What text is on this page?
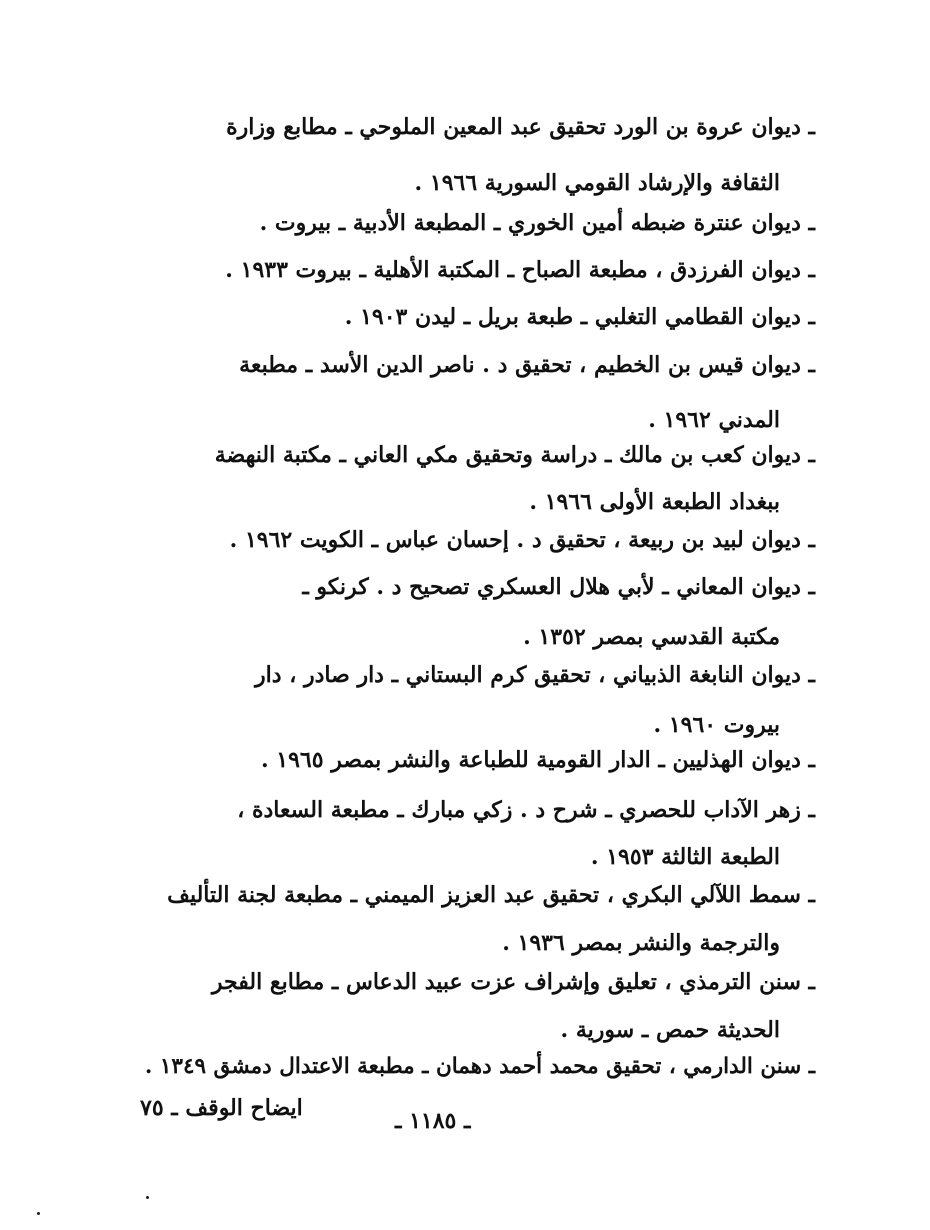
ـ ديوان عروة بن الورد تحقيق عبد المعين الملوحي ـ مطابع وزارة
الثقافة والإرشاد القومي السورية ١٩٦٦ .
ـ ديوان عنترة ضبطه أمين الخوري ـ المطبعة الأدبية ـ بيروت .
ـ ديوان الفرزدق ، مطبعة الصباح ـ المكتبة الأهلية ـ بيروت ١٩٣٣ .
ـ ديوان القطامي التغلبي ـ طبعة بريل ـ ليدن ١٩٠٣ .
ـ ديوان قيس بن الخطيم ، تحقيق د . ناصر الدين الأسد ـ مطبعة
المدني ١٩٦٢ .
ـ ديوان كعب بن مالك ـ دراسة وتحقيق مكي العاني ـ مكتبة النهضة
ببغداد الطبعة الأولى ١٩٦٦ .
ـ ديوان لبيد بن ربيعة ، تحقيق د . إحسان عباس ـ الكويت ١٩٦٢ .
ـ ديوان المعاني ـ لأبي هلال العسكري تصحيح د . كرنكو ـ
مكتبة القدسي بمصر ١٣٥٢ .
ـ ديوان النابغة الذبياني ، تحقيق كرم البستاني ـ دار صادر ، دار
بيروت ١٩٦٠ .
ـ ديوان الهذليين ـ الدار القومية للطباعة والنشر بمصر ١٩٦٥ .
ـ زهر الآداب للحصري ـ شرح د . زكي مبارك ـ مطبعة السعادة ،
الطبعة الثالثة ١٩٥٣ .
ـ سمط اللآلي البكري ، تحقيق عبد العزيز الميمني ـ مطبعة لجنة التأليف
والترجمة والنشر بمصر ١٩٣٦ .
ـ سنن الترمذي ، تعليق وإشراف عزت عبيد الدعاس ـ مطابع الفجر
الحديثة حمص ـ سورية .
ـ سنن الدارمي ، تحقيق محمد أحمد دهمان ـ مطبعة الاعتدال دمشق ١٣٤٩ .
ـ ١١٨٥ ـ
ايضاح الوقف ـ ٧٥
